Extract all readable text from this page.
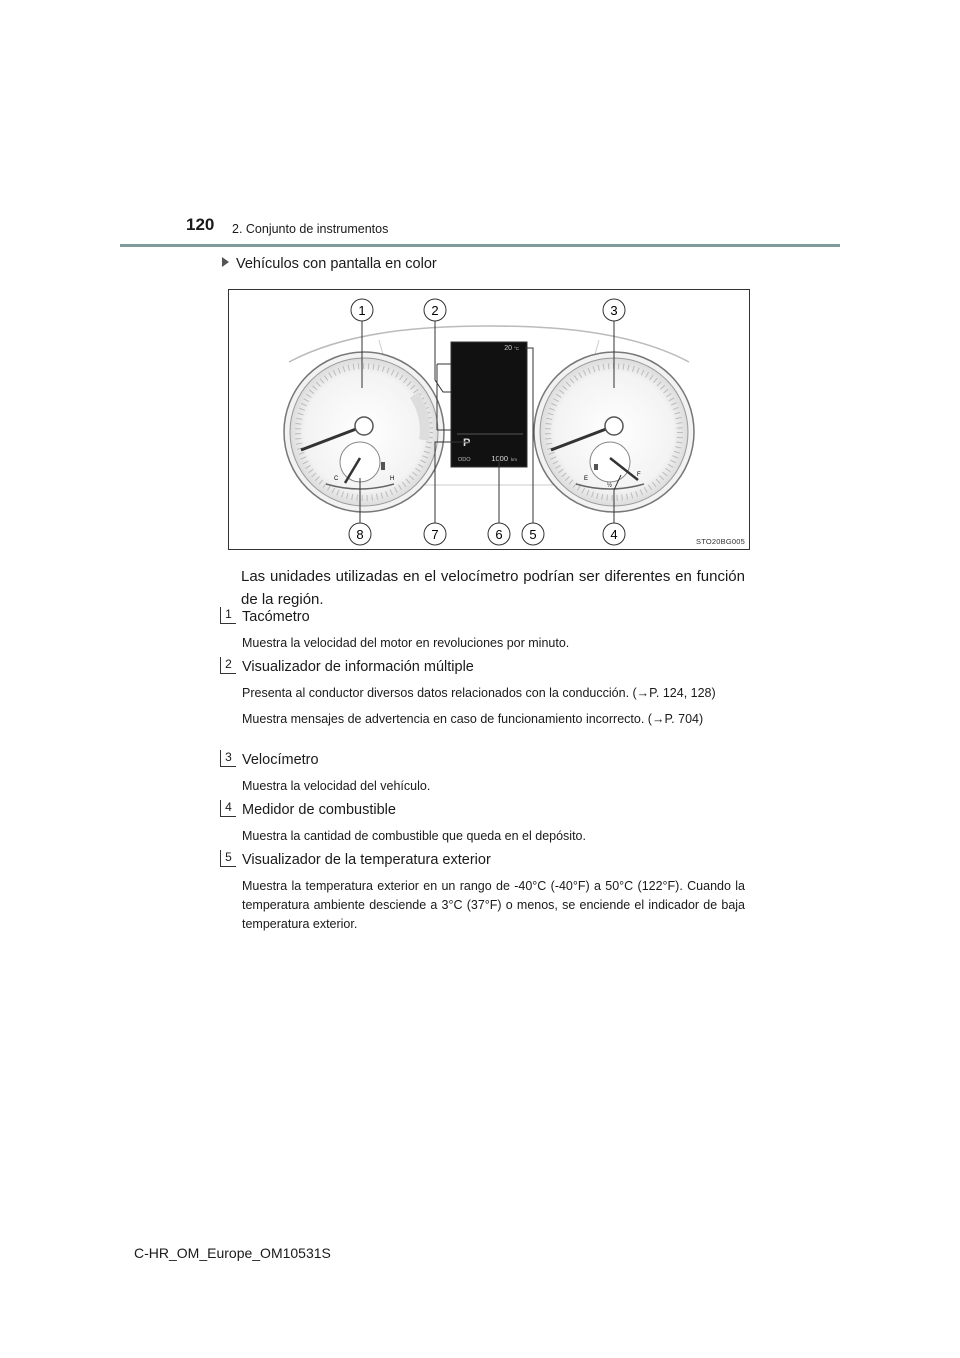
120 2. Conjunto de instrumentos
Vehículos con pantalla en color
C	H	E
½
F
20 °C
P
ODO	1000 km
1	2	3
4
5
6
7
8	STO20BG005
Las unidades utilizadas en el velocímetro podrían ser diferentes en función de la región.
1 Tacómetro

Muestra la velocidad del motor en revoluciones por minuto.

2 Visualizador de información múltiple

Presenta al conductor diversos datos relacionados con la conducción. (→P. 124, 128)

Muestra mensajes de advertencia en caso de funcionamiento incorrecto. (→P. 704)

3 Velocímetro

Muestra la velocidad del vehículo.

4 Medidor de combustible

Muestra la cantidad de combustible que queda en el depósito.

5 Visualizador de la temperatura exterior

Muestra la temperatura exterior en un rango de -40°C (-40°F) a 50°C (122°F). Cuando la temperatura ambiente desciende a 3°C (37°F) o menos, se enciende el indicador de baja temperatura exterior.

C-HR_OM_Europe_OM10531S
